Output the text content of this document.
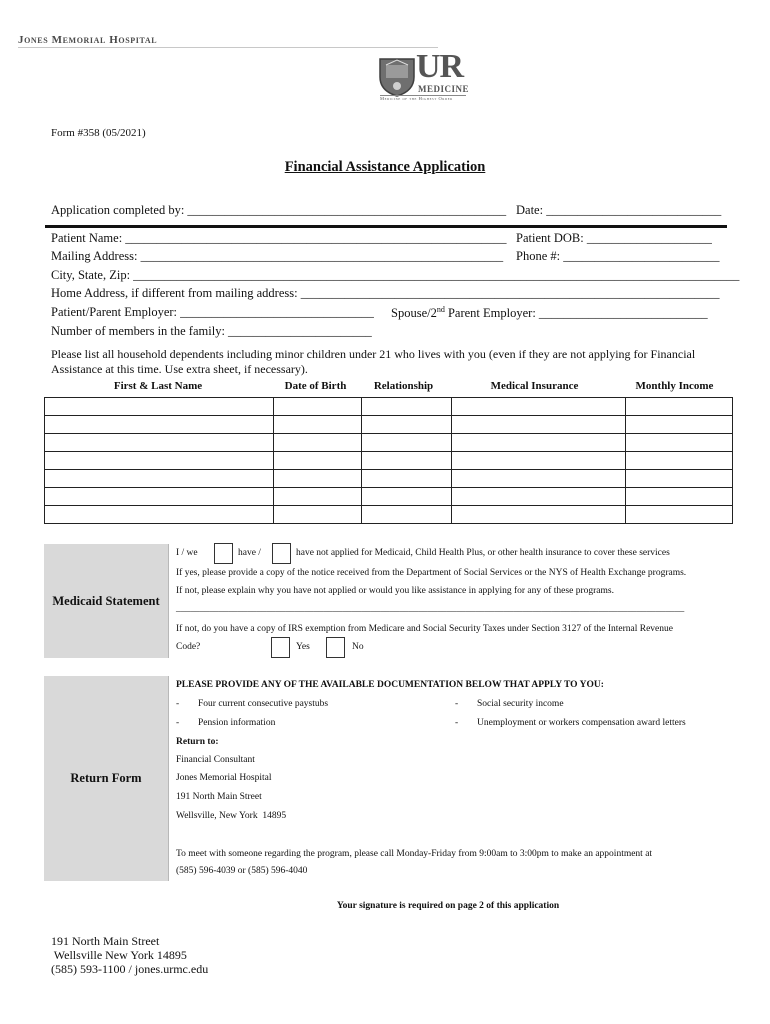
Jones Memorial Hospital
UR
MEDICINE
Medicine of the Highest Order
Form #358 (05/2021)
Financial Assistance Application
Application completed by: ___________________________________________________ Date: ____________________________
Patient Name: _____________________________________________________________ Patient DOB: ____________________
Mailing Address: __________________________________________________________ Phone #: _________________________
City, State, Zip: _________________________________________________________________________________________________
Home Address, if different from mailing address: ___________________________________________________________________
Patient/Parent Employer: _______________________________ Spouse/2nd Parent Employer: ___________________________
Number of members in the family: _______________________
Please list all household dependents including minor children under 21 who lives with you (even if they are not applying for Financial Assistance at this time. Use extra sheet, if necessary).
First & Last Name	Date of Birth	Relationship	Medical Insurance	Monthly Income

Medicaid Statement
I / we	have /	have not applied for Medicaid, Child Health Plus, or other health insurance to cover these services
If yes, please provide a copy of the notice received from the Department of Social Services or the NYS of Health Exchange programs.
If not, please explain why you have not applied or would you like assistance in applying for any of these programs.
___________________________________________________________________________________________________________
If not, do you have a copy of IRS exemption from Medicare and Social Security Taxes under Section 3127 of the Internal Revenue
Code?	Yes	No
Return Form
PLEASE PROVIDE ANY OF THE AVAILABLE DOCUMENTATION BELOW THAT APPLY TO YOU:
- Four current consecutive paystubs	- Social security income
- Pension information	- Unemployment or workers compensation award letters
Return to:
Financial Consultant
Jones Memorial Hospital
191 North Main Street
Wellsville, New York  14895
To meet with someone regarding the program, please call Monday-Friday from 9:00am to 3:00pm to make an appointment at
(585) 596-4039 or (585) 596-4040
Your signature is required on page 2 of this application
191 North Main Street
Wellsville New York 14895
(585) 593-1100 / jones.urmc.edu
